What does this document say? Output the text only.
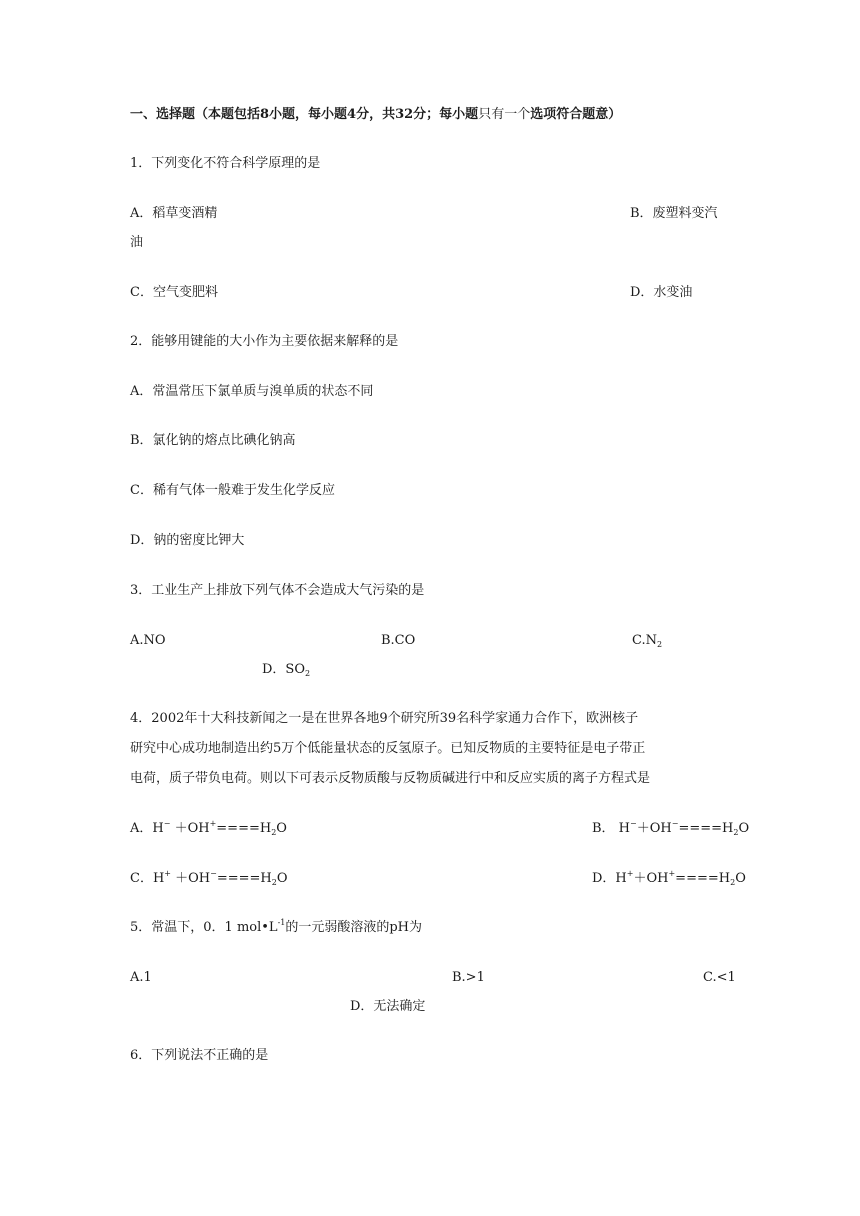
一、选择题（本题包括8小题，每小题4分，共32分；每小题只有一个选项符合题意）
1．下列变化不符合科学原理的是
A．稻草变酒精	B．废塑料变汽
油
C．空气变肥料	D．水变油
2．能够用键能的大小作为主要依据来解释的是
A．常温常压下氯单质与溴单质的状态不同
B．氯化钠的熔点比碘化钠高
C．稀有气体一般难于发生化学反应
D．钠的密度比钾大
3．工业生产上排放下列气体不会造成大气污染的是
A.NO	B.CO	$C.N_2$
D．$SO_2$
4．2002年十大科技新闻之一是在世界各地9个研究所39名科学家通力合作下，欧洲核子
研究中心成功地制造出约5万个低能量状态的反氢原子。已知反物质的主要特征是电子带正
电荷，质子带负电荷。则以下可表示反物质酸与反物质碱进行中和反应实质的离子方程式是
A．$H^- +OH^+====H_2O$	B． $H^-+OH^-====H_2O$
C．$H^+ +OH^-====H_2O$	D．$H^++OH^+====H_2O$
5．常温下，0．1 $mol•L^{-1}$的一元弱酸溶液的pH为
A.1	B.>1	C.<1
D．无法确定
6．下列说法不正确的是
